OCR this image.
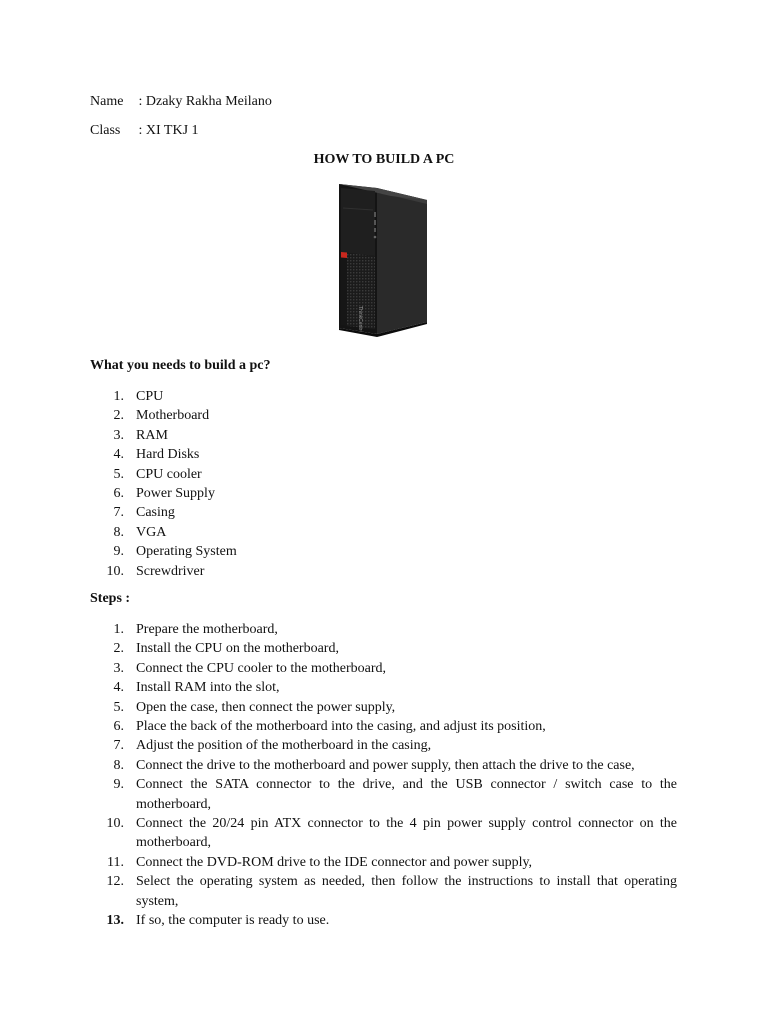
Name : Dzaky Rakha Meilano
Class : XI TKJ 1
HOW TO BUILD A PC
ThinkCentre
What you needs to build a pc?
1. CPU
2. Motherboard
3. RAM
4. Hard Disks
5. CPU cooler
6. Power Supply
7. Casing
8. VGA
9. Operating System
10. Screwdriver
Steps :
1. Prepare the motherboard,
2. Install the CPU on the motherboard,
3. Connect the CPU cooler to the motherboard,
4. Install RAM into the slot,
5. Open the case, then connect the power supply,
6. Place the back of the motherboard into the casing, and adjust its position,
7. Adjust the position of the motherboard in the casing,
8. Connect the drive to the motherboard and power supply, then attach the drive to the case,
9. Connect the SATA connector to the drive, and the USB connector / switch case to the motherboard,
10. Connect the 20/24 pin ATX connector to the 4 pin power supply control connector on the motherboard,
11. Connect the DVD-ROM drive to the IDE connector and power supply,
12. Select the operating system as needed, then follow the instructions to install that operating system,
13. If so, the computer is ready to use.
